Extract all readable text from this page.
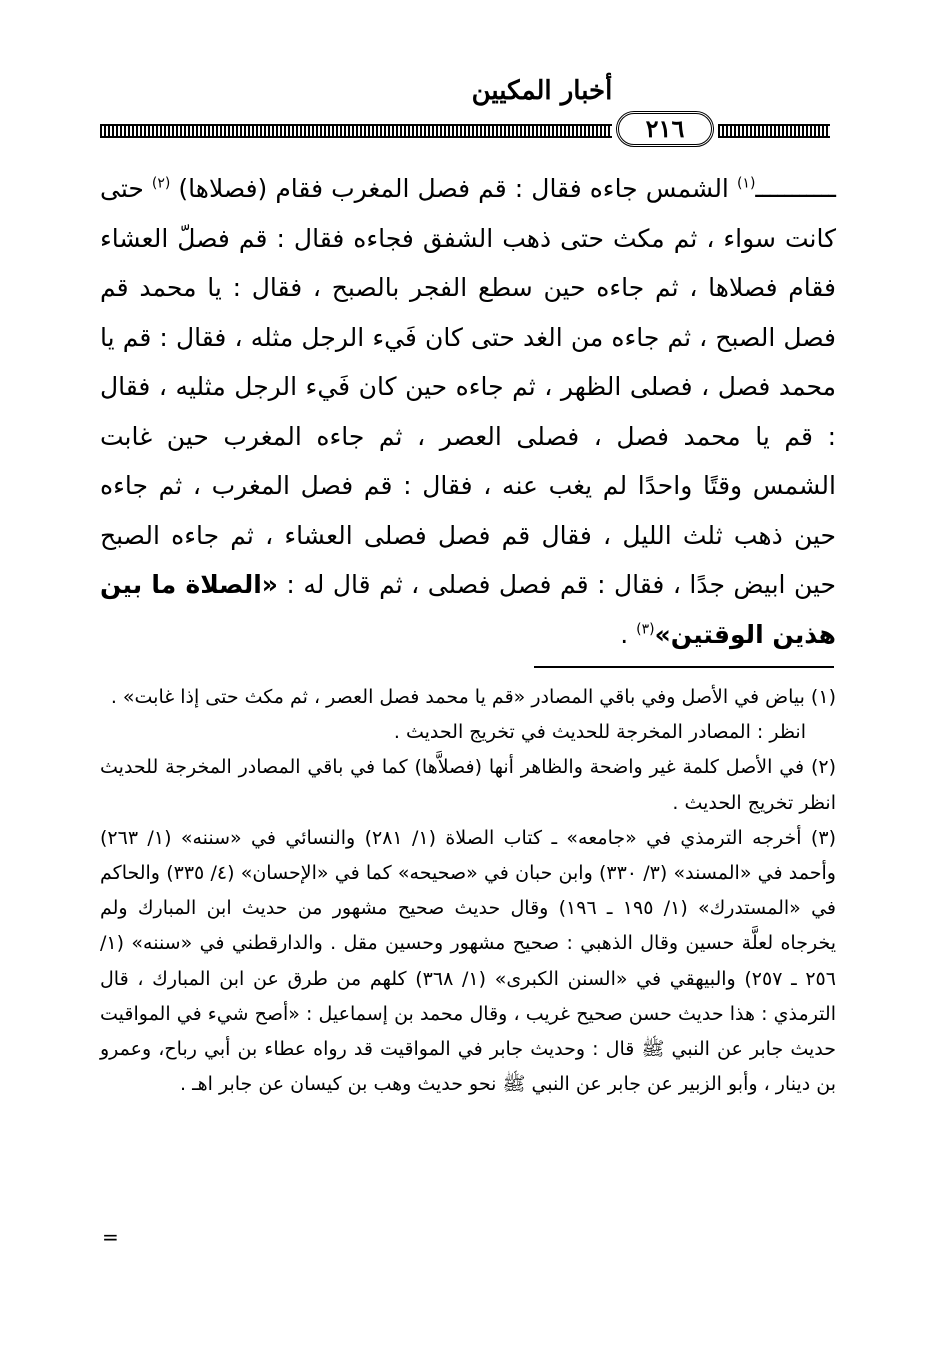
أخبار المكيين
٢١٦

ـــــــــــ$^{(١)}$ الشمس جاءه فقال : قم فصل المغرب فقام (فصلاها) $^{(٢)}$ حتى كانت سواء ، ثم مكث حتى ذهب الشفق فجاءه فقال : قم فصلّ العشاء فقام فصلاها ، ثم جاءه حين سطع الفجر بالصبح ، فقال : يا محمد قم فصل الصبح ، ثم جاءه من الغد حتى كان فَيء الرجل مثله ، فقال : قم يا محمد فصل ، فصلى الظهر ، ثم جاءه حين كان فَيء الرجل مثليه ، فقال : قم يا محمد فصل ، فصلى العصر ، ثم جاءه المغرب حين غابت الشمس وقتًا واحدًا لم يغب عنه ، فقال : قم فصل المغرب ، ثم جاءه حين ذهب ثلث الليل ، فقال قم فصل فصلى العشاء ، ثم جاءه الصبح حين ابيض جدًا ، فقال : قم فصل فصلى ، ثم قال له : «الصلاة ما بين هذين الوقتين»$^{(٣)}$ .

(١) بياض في الأصل وفي باقي المصادر «قم يا محمد فصل العصر ، ثم مكث حتى إذا غابت» .

انظر : المصادر المخرجة للحديث في تخريج الحديث .

(٢) في الأصل كلمة غير واضحة والظاهر أنها (فصلاَّها) كما في باقي المصادر المخرجة للحديث انظر تخريج الحديث .

(٣) أخرجه الترمذي في «جامعه» ـ كتاب الصلاة (١/ ٢٨١) والنسائي في «سننه» (١/ ٢٦٣) وأحمد في «المسند» (٣/ ٣٣٠) وابن حبان في «صحيحه» كما في «الإحسان» (٤/ ٣٣٥) والحاكم في «المستدرك» (١/ ١٩٥ ـ ١٩٦) وقال حديث صحيح مشهور من حديث ابن المبارك ولم يخرجاه لعلَّة حسين وقال الذهبي : صحيح مشهور وحسين مقل . والدارقطني في «سننه» (١/ ٢٥٦ ـ ٢٥٧) والبيهقي في «السنن الكبرى» (١/ ٣٦٨) كلهم من طرق عن ابن المبارك ، قال الترمذي : هذا حديث حسن صحيح غريب ، وقال محمد بن إسماعيل : «أصح شيء في المواقيت حديث جابر عن النبي ﷺ قال : وحديث جابر في المواقيت قد رواه عطاء بن أبي رباح، وعمرو بن دينار ، وأبو الزبير عن جابر عن النبي ﷺ نحو حديث وهب بن كيسان عن جابر اهـ .

=
